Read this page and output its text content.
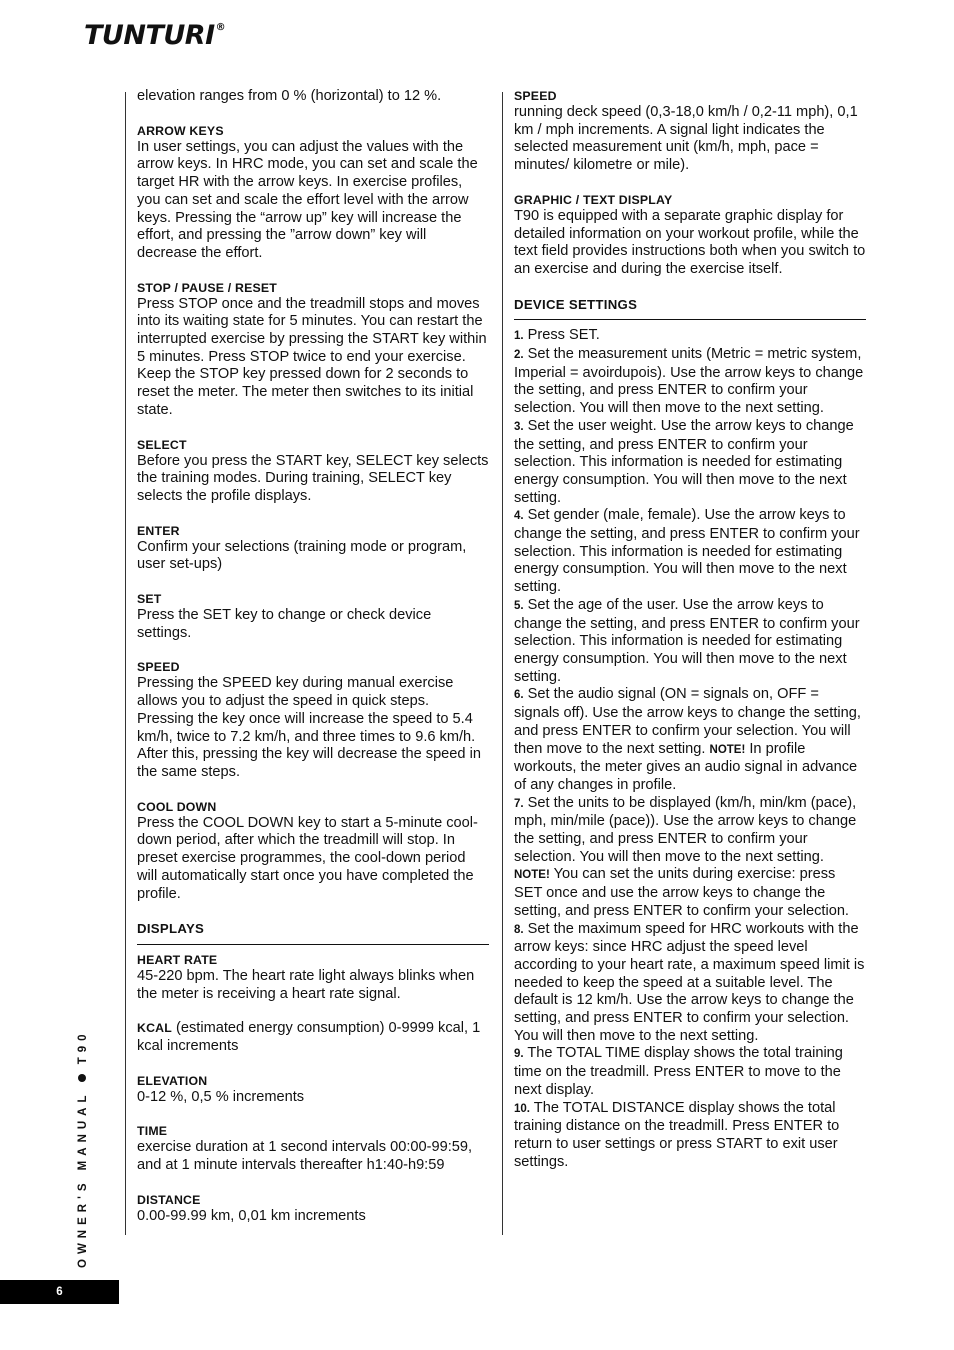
TUNTURI®

elevation ranges from 0 % (horizontal) to 12 %.

ARROW KEYS

In user settings, you can adjust the values with the arrow keys. In HRC mode, you can set and scale the target HR with the arrow keys. In exercise profiles, you can set and scale the effort level with the arrow keys. Pressing the “arrow up” key will increase the effort, and pressing the ”arrow down” key will decrease the effort.

STOP / PAUSE / RESET

Press STOP once and the treadmill stops and moves into its waiting state for 5 minutes. You can restart the interrupted exercise by pressing the START key within 5 minutes. Press STOP twice to end your exercise. Keep the STOP key pressed down for 2 seconds to reset the meter. The meter then switches to its initial state.

SELECT

Before you press the START key, SELECT key selects the training modes. During training, SELECT key selects the profile displays.

ENTER

Confirm your selections (training mode or program, user set-ups)

SET

Press the SET key to change or check device settings.

SPEED

Pressing the SPEED key during manual exercise allows you to adjust the speed in quick steps. Pressing the key once will increase the speed to 5.4 km/h, twice to 7.2 km/h, and three times to 9.6 km/h. After this, pressing the key will decrease the speed in the same steps.

COOL DOWN

Press the COOL DOWN key to start a 5-minute cool-down period, after which the treadmill will stop. In preset exercise programmes, the cool-down period will automatically start once you have completed the profile.

DISPLAYS
HEART RATE

45-220 bpm. The heart rate light always blinks when the meter is receiving a heart rate signal.

KCAL (estimated energy consumption) 0-9999 kcal, 1 kcal increments

ELEVATION

0-12 %, 0,5 % increments

TIME

exercise duration at 1 second intervals 00:00-99:59, and at 1 minute intervals thereafter h1:40-h9:59

DISTANCE

0.00-99.99 km, 0,01 km increments

SPEED

running deck speed (0,3-18,0 km/h / 0,2-11 mph), 0,1 km / mph increments. A signal light indicates the selected measurement unit (km/h, mph, pace = minutes/ kilometre or mile).

GRAPHIC / TEXT DISPLAY

T90 is equipped with a separate graphic display for detailed information on your workout profile, while the text field provides instructions both when you switch to an exercise and during the exercise itself.

DEVICE SETTINGS

1. Press SET.

2. Set the measurement units (Metric = metric system, Imperial = avoirdupois). Use the arrow keys to change the setting, and press ENTER to confirm your selection. You will then move to the next setting.

3. Set the user weight. Use the arrow keys to change the setting, and press ENTER to confirm your selection. This information is needed for estimating energy consumption. You will then move to the next setting.

4. Set gender (male, female). Use the arrow keys to change the setting, and press ENTER to confirm your selection. This information is needed for estimating energy consumption. You will then move to the next setting.

5. Set the age of the user. Use the arrow keys to change the setting, and press ENTER to confirm your selection. This information is needed for estimating energy consumption. You will then move to the next setting.

6. Set the audio signal (ON = signals on, OFF = signals off). Use the arrow keys to change the setting, and press ENTER to confirm your selection. You will then move to the next setting. NOTE! In profile workouts, the meter gives an audio signal in advance of any changes in profile.

7. Set the units to be displayed (km/h, min/km (pace), mph, min/mile (pace)). Use the arrow keys to change the setting, and press ENTER to confirm your selection. You will then move to the next setting.
NOTE! You can set the units during exercise: press SET once and use the arrow keys to change the setting, and press ENTER to confirm your selection.

8. Set the maximum speed for HRC workouts with the arrow keys: since HRC adjust the speed level according to your heart rate, a maximum speed limit is needed to keep the speed at a suitable level. The default is 12 km/h. Use the arrow keys to change the setting, and press ENTER to confirm your selection. You will then move to the next setting.

9. The TOTAL TIME display shows the total training time on the treadmill. Press ENTER to move to the next display.

10. The TOTAL DISTANCE display shows the total training distance on the treadmill. Press ENTER to return to user settings or press START to exit user settings.

OWNER'S MANUAL  T90
6
